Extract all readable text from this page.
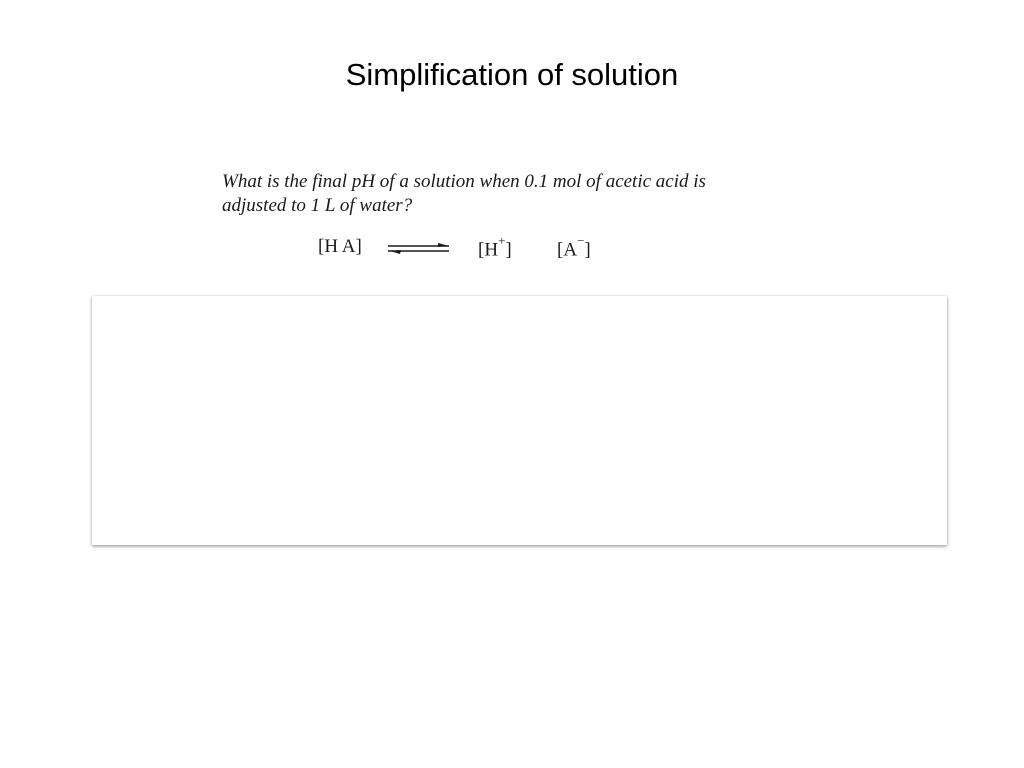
Simplification of solution
What is the final pH of a solution when 0.1 mol of acetic acid is
adjusted to 1 L of water?
[H A] ⇌ [H+] [A−]
